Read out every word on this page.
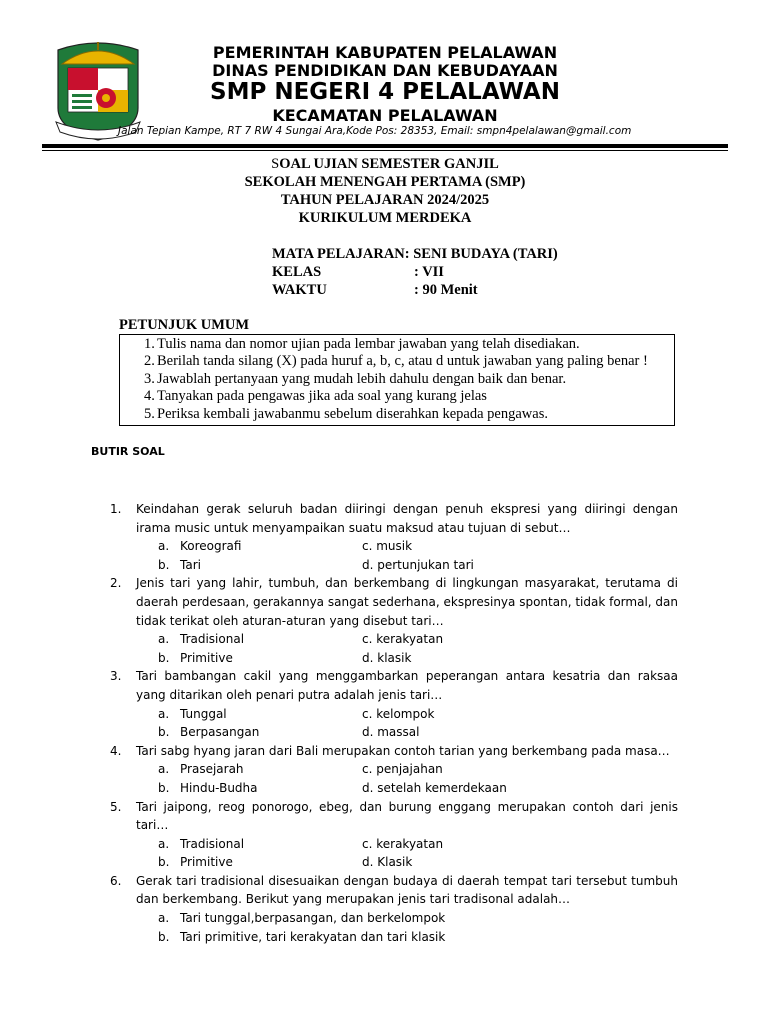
PEMERINTAH KABUPATEN PELALAWAN
DINAS PENDIDIKAN DAN KEBUDAYAAN
SMP NEGERI 4 PELALAWAN
KECAMATAN PELALAWAN
Jalan Tepian Kampe, RT 7 RW 4 Sungai Ara,Kode Pos: 28353, Email: smpn4pelalawan@gmail.com
SOAL UJIAN SEMESTER GANJIL
SEKOLAH MENENGAH PERTAMA (SMP)
TAHUN PELAJARAN 2024/2025
KURIKULUM MERDEKA
MATA PELAJARAN: SENI BUDAYA (TARI)
KELAS	: VII
WAKTU	: 90 Menit
PETUNJUK UMUM
1. Tulis nama dan nomor ujian pada lembar jawaban yang telah disediakan.
2. Berilah tanda silang (X) pada huruf a, b, c, atau d untuk jawaban yang paling benar !
3. Jawablah pertanyaan yang mudah lebih dahulu dengan baik dan benar.
4. Tanyakan pada pengawas jika ada soal yang kurang jelas
5. Periksa kembali jawabanmu sebelum diserahkan kepada pengawas.
BUTIR SOAL
1. Keindahan gerak seluruh badan diiringi dengan penuh ekspresi yang diiringi dengan irama music untuk menyampaikan suatu maksud atau tujuan di sebut…
a. Koreografi	c. musik
b. Tari	d. pertunjukan tari
2. Jenis tari yang lahir, tumbuh, dan berkembang di lingkungan masyarakat, terutama di daerah perdesaan, gerakannya sangat sederhana, ekspresinya spontan, tidak formal, dan tidak terikat oleh aturan-aturan yang disebut tari…
a. Tradisional	c. kerakyatan
b. Primitive	d. klasik
3. Tari bambangan cakil yang menggambarkan peperangan antara kesatria dan raksaa yang ditarikan oleh penari putra adalah jenis tari…
a. Tunggal	c. kelompok
b. Berpasangan	d. massal
4. Tari sabg hyang jaran dari Bali merupakan contoh tarian yang berkembang pada masa…
a. Prasejarah	c. penjajahan
b. Hindu-Budha	d. setelah kemerdekaan
5. Tari jaipong, reog ponorogo, ebeg, dan burung enggang merupakan contoh dari jenis tari…
a. Tradisional	c. kerakyatan
b. Primitive	d. Klasik
6. Gerak tari tradisional disesuaikan dengan budaya di daerah tempat tari tersebut tumbuh dan berkembang. Berikut yang merupakan jenis tari tradisonal adalah…
a. Tari tunggal,berpasangan, dan berkelompok
b. Tari primitive, tari kerakyatan dan tari klasik
